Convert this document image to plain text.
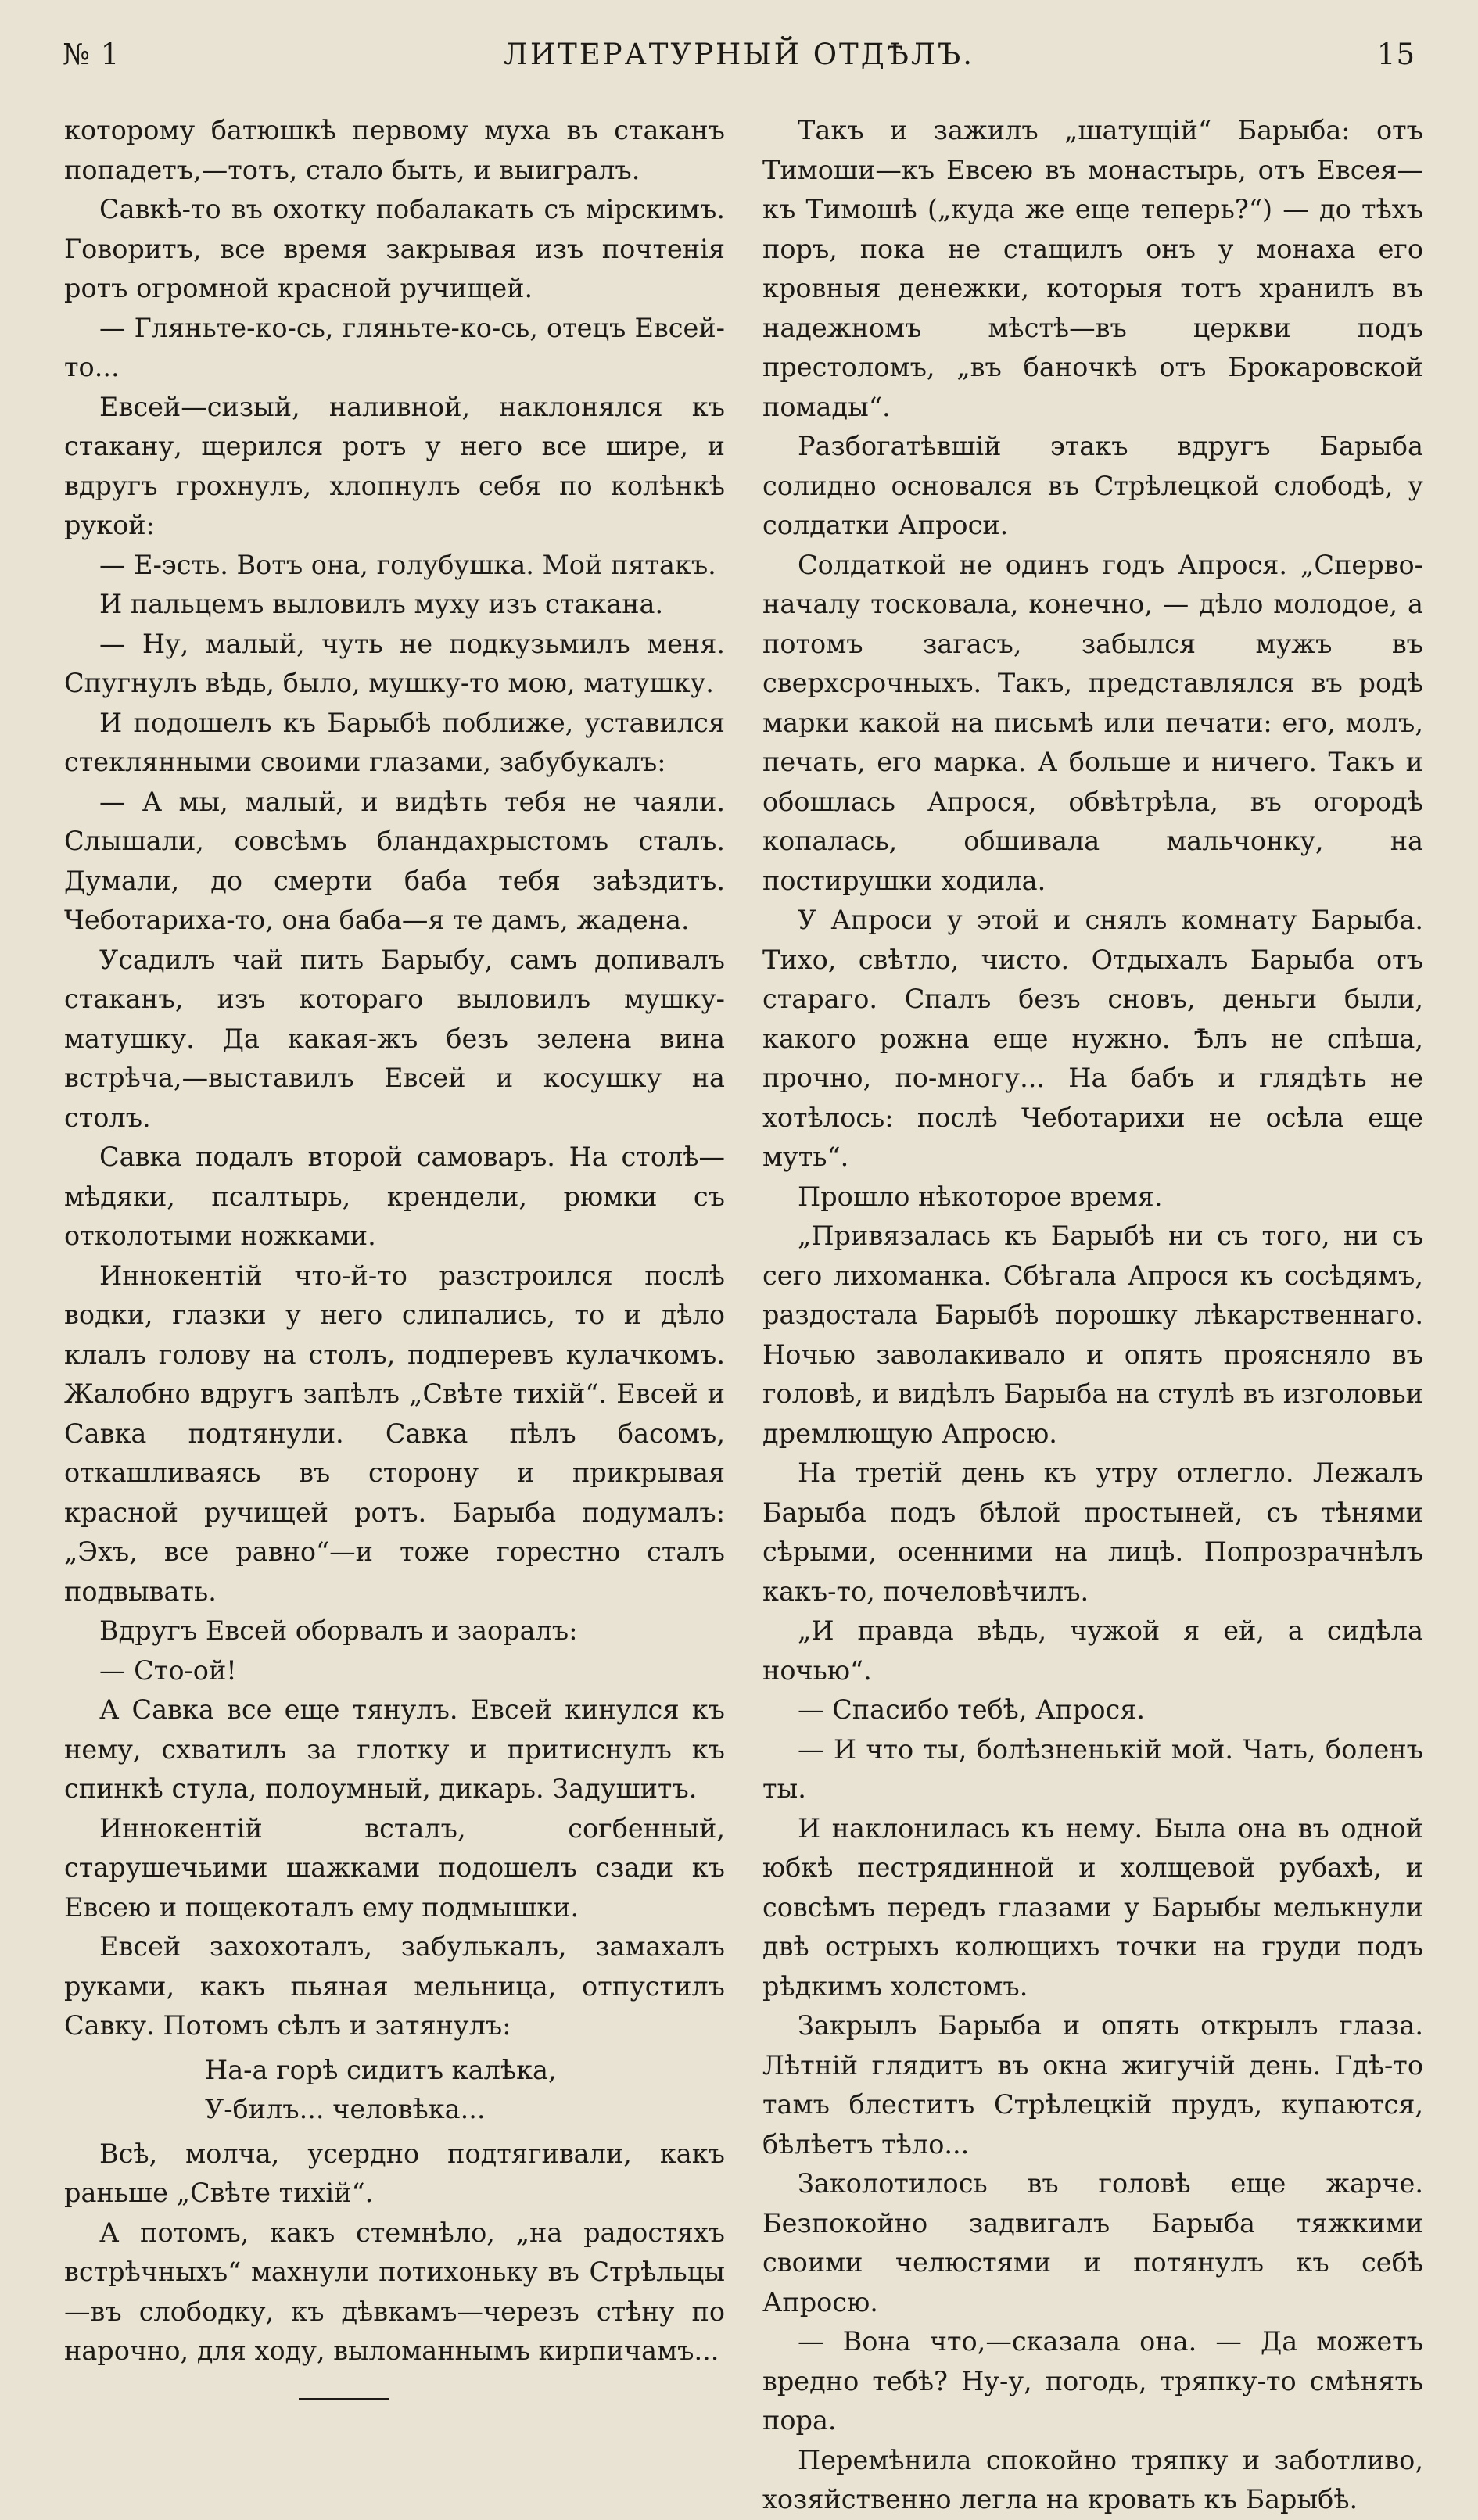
№ 1	ЛИТЕРАТУРНЫЙ ОТДѢЛЪ.	15

которому батюшкѣ первому муха въ стаканъ попадетъ,—тотъ, стало быть, и выигралъ.

Савкѣ-то въ охотку побалакать съ мірскимъ. Говоритъ, все время закрывая изъ почтенія ротъ огромной красной ручищей.

— Гляньте-ко-сь, гляньте-ко-сь, отецъ Евсей-то...

Евсей—сизый, наливной, наклонялся къ стакану, щерился ротъ у него все шире, и вдругъ грохнулъ, хлопнулъ себя по колѣнкѣ рукой:

— Е-эсть. Вотъ она, голубушка. Мой пятакъ.

И пальцемъ выловилъ муху изъ стакана.

— Ну, малый, чуть не подкузьмилъ меня. Спугнулъ вѣдь, было, мушку-то мою, матушку.

И подошелъ къ Барыбѣ поближе, уставился стеклянными своими глазами, забубукалъ:

— А мы, малый, и видѣть тебя не чаяли. Слышали, совсѣмъ бландахрыстомъ сталъ. Думали, до смерти баба тебя заѣздитъ. Чеботариха-то, она баба—я те дамъ, жадена.

Усадилъ чай пить Барыбу, самъ допивалъ стаканъ, изъ котораго выловилъ мушку-матушку. Да какая-жъ безъ зелена вина встрѣча,—выставилъ Евсей и косушку на столъ.

Савка подалъ второй самоваръ. На столѣ—мѣдяки, псалтырь, крендели, рюмки съ отколотыми ножками.

Иннокентій что-й-то разстроился послѣ водки, глазки у него слипались, то и дѣло клалъ голову на столъ, подперевъ кулачкомъ. Жалобно вдругъ запѣлъ „Свѣте тихій“. Евсей и Савка подтянули. Савка пѣлъ басомъ, откашливаясь въ сторону и прикрывая красной ручищей ротъ. Барыба подумалъ: „Эхъ, все равно“—и тоже горестно сталъ подвывать.

Вдругъ Евсей оборвалъ и заоралъ:

— Сто-ой!

А Савка все еще тянулъ. Евсей кинулся къ нему, схватилъ за глотку и притиснулъ къ спинкѣ стула, полоумный, дикарь. Задушитъ.

Иннокентій всталъ, согбенный, старушечьими шажками подошелъ сзади къ Евсею и пощекоталъ ему подмышки.

Евсей захохоталъ, забулькалъ, замахалъ руками, какъ пьяная мельница, отпустилъ Савку. Потомъ сѣлъ и затянулъ:

На-а горѣ сидитъ калѣка,
У-билъ... человѣка...

Всѣ, молча, усердно подтягивали, какъ раньше „Свѣте тихій“.

А потомъ, какъ стемнѣло, „на радостяхъ встрѣчныхъ“ махнули потихоньку въ Стрѣльцы—въ слободку, къ дѣвкамъ—черезъ стѣну по нарочно, для ходу, выломаннымъ кирпичамъ...

Такъ и зажилъ „шатущій“ Барыба: отъ Тимоши—къ Евсею въ монастырь, отъ Евсея—къ Тимошѣ („куда же еще теперь?“) — до тѣхъ поръ, пока не стащилъ онъ у монаха его кровныя денежки, которыя тотъ хранилъ въ надежномъ мѣстѣ—въ церкви подъ престоломъ, „въ баночкѣ отъ Брокаровской помады“.

Разбогатѣвшій этакъ вдругъ Барыба солидно основался въ Стрѣлецкой слободѣ, у солдатки Апроси.

Солдаткой не одинъ годъ Апрося. „Сперво-началу тосковала, конечно, — дѣло молодое, а потомъ загасъ, забылся мужъ въ сверхсрочныхъ. Такъ, представлялся въ родѣ марки какой на письмѣ или печати: его, молъ, печать, его марка. А больше и ничего. Такъ и обошлась Апрося, обвѣтрѣла, въ огородѣ копалась, обшивала мальчонку, на постирушки ходила.

У Апроси у этой и снялъ комнату Барыба. Тихо, свѣтло, чисто. Отдыхалъ Барыба отъ стараго. Спалъ безъ сновъ, деньги были, какого рожна еще нужно. Ѣлъ не спѣша, прочно, по-многу... На бабъ и глядѣть не хотѣлось: послѣ Чеботарихи не осѣла еще муть“.

Прошло нѣкоторое время.

„Привязалась къ Барыбѣ ни съ того, ни съ сего лихоманка. Сбѣгала Апрося къ сосѣдямъ, раздостала Барыбѣ порошку лѣкарственнаго. Ночью заволакивало и опять прояснялo въ головѣ, и видѣлъ Барыба на стулѣ въ изголовьи дремлющую Апросю.

На третій день къ утру отлегло. Лежалъ Барыба подъ бѣлой простыней, съ тѣнями сѣрыми, осенними на лицѣ. Попрозрачнѣлъ какъ-то, почеловѣчилъ.

„И правда вѣдь, чужой я ей, а сидѣла ночью“.

— Спасибо тебѣ, Апрося.

— И что ты, болѣзненькій мой. Чать, боленъ ты.

И наклонилась къ нему. Была она въ одной юбкѣ пестрядинной и холщевой рубахѣ, и совсѣмъ передъ глазами у Барыбы мелькнули двѣ острыхъ колющихъ точки на груди подъ рѣдкимъ холстомъ.

Закрылъ Барыба и опять открылъ глаза. Лѣтній глядитъ въ окна жигучій день. Гдѣ-то тамъ блеститъ Стрѣлецкій прудъ, купаются, бѣлѣетъ тѣло...

Заколотилось въ головѣ еще жарче. Безпокойно задвигалъ Барыба тяжкими своими челюстями и потянулъ къ себѣ Апросю.

— Вона что,—сказала она. — Да можетъ вредно тебѣ? Ну-у, погодь, тряпку-то смѣнять пора.

Перемѣнила спокойно тряпку и заботливо, хозяйственно легла на кровать къ Барыбѣ.
